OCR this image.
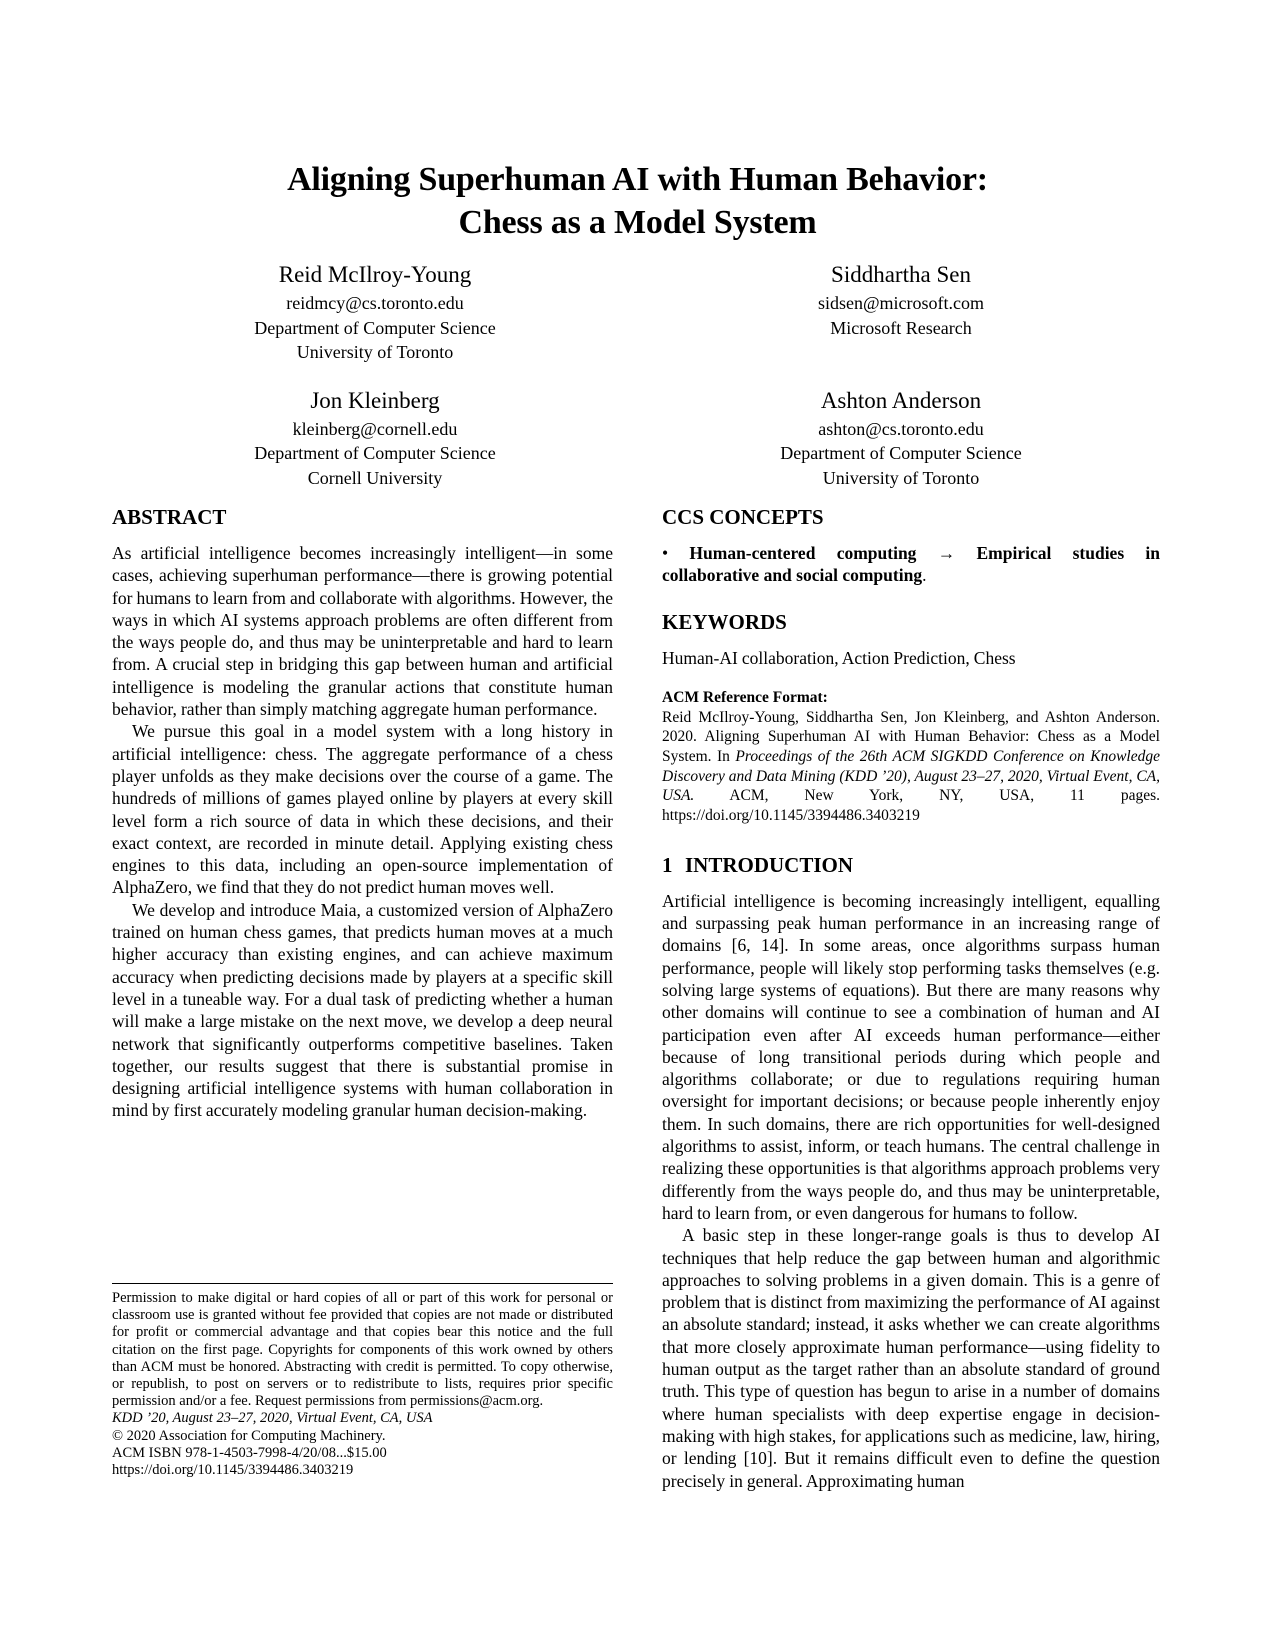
Aligning Superhuman AI with Human Behavior:
Chess as a Model System
Reid McIlroy-Young
reidmcy@cs.toronto.edu
Department of Computer Science
University of Toronto
Siddhartha Sen
sidsen@microsoft.com
Microsoft Research
Jon Kleinberg
kleinberg@cornell.edu
Department of Computer Science
Cornell University
Ashton Anderson
ashton@cs.toronto.edu
Department of Computer Science
University of Toronto
ABSTRACT

As artificial intelligence becomes increasingly intelligent—in some cases, achieving superhuman performance—there is growing potential for humans to learn from and collaborate with algorithms. However, the ways in which AI systems approach problems are often different from the ways people do, and thus may be uninterpretable and hard to learn from. A crucial step in bridging this gap between human and artificial intelligence is modeling the granular actions that constitute human behavior, rather than simply matching aggregate human performance.

We pursue this goal in a model system with a long history in artificial intelligence: chess. The aggregate performance of a chess player unfolds as they make decisions over the course of a game. The hundreds of millions of games played online by players at every skill level form a rich source of data in which these decisions, and their exact context, are recorded in minute detail. Applying existing chess engines to this data, including an open-source implementation of AlphaZero, we find that they do not predict human moves well.

We develop and introduce Maia, a customized version of AlphaZero trained on human chess games, that predicts human moves at a much higher accuracy than existing engines, and can achieve maximum accuracy when predicting decisions made by players at a specific skill level in a tuneable way. For a dual task of predicting whether a human will make a large mistake on the next move, we develop a deep neural network that significantly outperforms competitive baselines. Taken together, our results suggest that there is substantial promise in designing artificial intelligence systems with human collaboration in mind by first accurately modeling granular human decision-making.

CCS CONCEPTS

• Human-centered computing → Empirical studies in collaborative and social computing.

KEYWORDS

Human-AI collaboration, Action Prediction, Chess

ACM Reference Format:
Reid McIlroy-Young, Siddhartha Sen, Jon Kleinberg, and Ashton Anderson. 2020. Aligning Superhuman AI with Human Behavior: Chess as a Model System. In Proceedings of the 26th ACM SIGKDD Conference on Knowledge Discovery and Data Mining (KDD ’20), August 23–27, 2020, Virtual Event, CA, USA. ACM, New York, NY, USA, 11 pages. https://doi.org/10.1145/3394486.3403219
1 INTRODUCTION

Artificial intelligence is becoming increasingly intelligent, equalling and surpassing peak human performance in an increasing range of domains [6, 14]. In some areas, once algorithms surpass human performance, people will likely stop performing tasks themselves (e.g. solving large systems of equations). But there are many reasons why other domains will continue to see a combination of human and AI participation even after AI exceeds human performance—either because of long transitional periods during which people and algorithms collaborate; or due to regulations requiring human oversight for important decisions; or because people inherently enjoy them. In such domains, there are rich opportunities for well-designed algorithms to assist, inform, or teach humans. The central challenge in realizing these opportunities is that algorithms approach problems very differently from the ways people do, and thus may be uninterpretable, hard to learn from, or even dangerous for humans to follow.

A basic step in these longer-range goals is thus to develop AI techniques that help reduce the gap between human and algorithmic approaches to solving problems in a given domain. This is a genre of problem that is distinct from maximizing the performance of AI against an absolute standard; instead, it asks whether we can create algorithms that more closely approximate human performance—using fidelity to human output as the target rather than an absolute standard of ground truth. This type of question has begun to arise in a number of domains where human specialists with deep expertise engage in decision-making with high stakes, for applications such as medicine, law, hiring, or lending [10]. But it remains difficult even to define the question precisely in general. Approximating human

Permission to make digital or hard copies of all or part of this work for personal or classroom use is granted without fee provided that copies are not made or distributed for profit or commercial advantage and that copies bear this notice and the full citation on the first page. Copyrights for components of this work owned by others than ACM must be honored. Abstracting with credit is permitted. To copy otherwise, or republish, to post on servers or to redistribute to lists, requires prior specific permission and/or a fee. Request permissions from permissions@acm.org.

KDD ’20, August 23–27, 2020, Virtual Event, CA, USA

© 2020 Association for Computing Machinery.

ACM ISBN 978-1-4503-7998-4/20/08...$15.00

https://doi.org/10.1145/3394486.3403219
